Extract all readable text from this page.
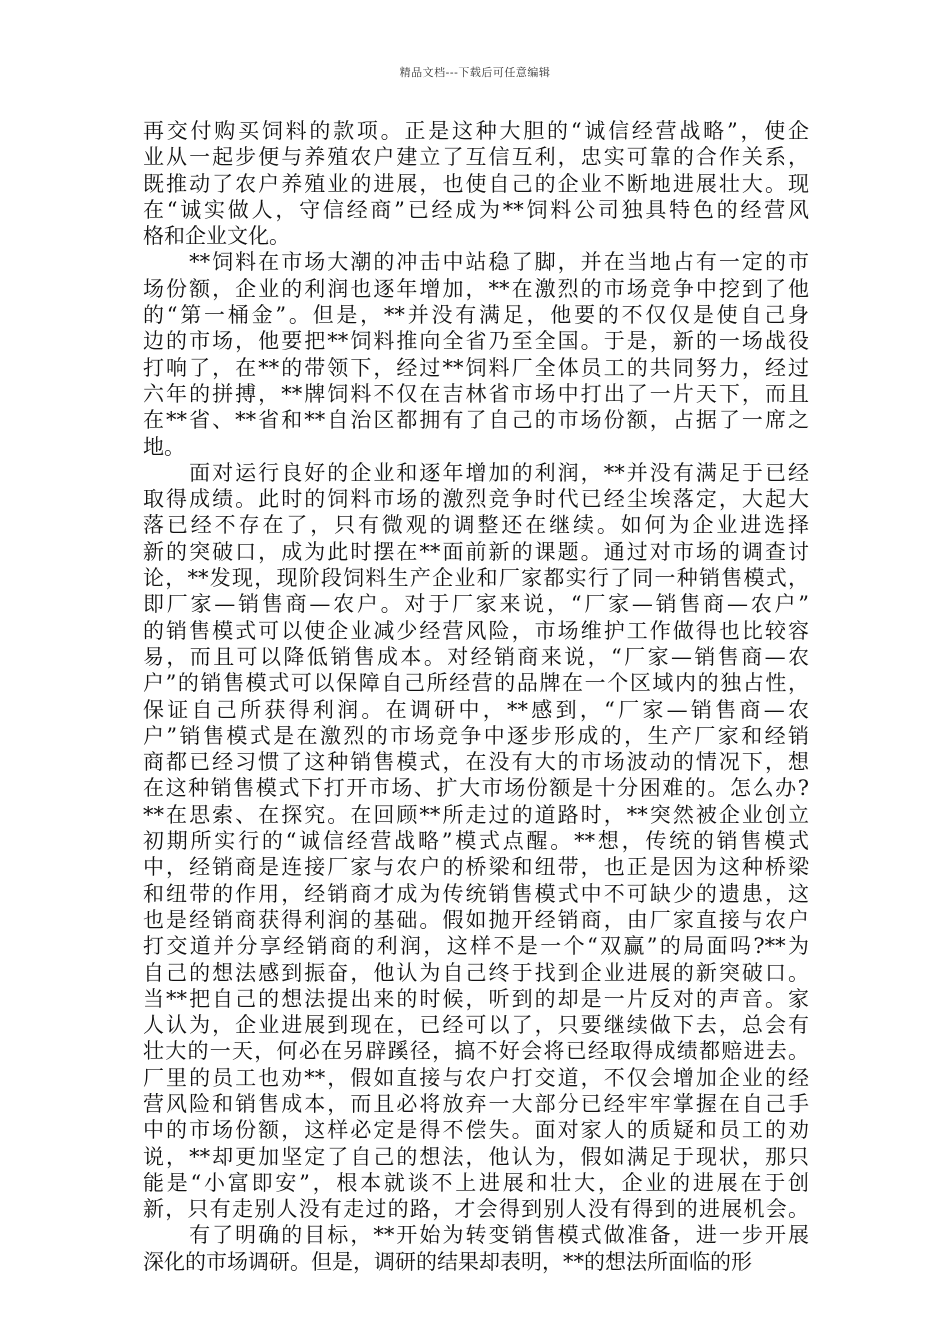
精品文档---下载后可任意编辑
再交付购买饲料的款项。正是这种大胆的“诚信经营战略”，使企
业从一起步便与养殖农户建立了互信互利，忠实可靠的合作关系，
既推动了农户养殖业的进展，也使自己的企业不断地进展壮大。现
在“诚实做人，守信经商”已经成为**饲料公司独具特色的经营风
格和企业文化。
　　**饲料在市场大潮的冲击中站稳了脚，并在当地占有一定的市
场份额，企业的利润也逐年增加，**在激烈的市场竞争中挖到了他
的“第一桶金”。但是，**并没有满足，他要的不仅仅是使自己身
边的市场，他要把**饲料推向全省乃至全国。于是，新的一场战役
打响了，在**的带领下，经过**饲料厂全体员工的共同努力，经过
六年的拼搏，**牌饲料不仅在吉林省市场中打出了一片天下，而且
在**省、**省和**自治区都拥有了自己的市场份额，占据了一席之
地。
　　面对运行良好的企业和逐年增加的利润，**并没有满足于已经
取得成绩。此时的饲料市场的激烈竞争时代已经尘埃落定，大起大
落已经不存在了，只有微观的调整还在继续。如何为企业进选择
新的突破口，成为此时摆在**面前新的课题。通过对市场的调查讨
论，**发现，现阶段饲料生产企业和厂家都实行了同一种销售模式，
即厂家—销售商—农户。对于厂家来说，“厂家—销售商—农户”
的销售模式可以使企业减少经营风险，市场维护工作做得也比较容
易，而且可以降低销售成本。对经销商来说，“厂家—销售商—农
户”的销售模式可以保障自己所经营的品牌在一个区域内的独占性，
保证自己所获得利润。在调研中，**感到，“厂家—销售商—农
户”销售模式是在激烈的市场竞争中逐步形成的，生产厂家和经销
商都已经习惯了这种销售模式，在没有大的市场波动的情况下，想
在这种销售模式下打开市场、扩大市场份额是十分困难的。怎么办?
**在思索、在探究。在回顾**所走过的道路时，**突然被企业创立
初期所实行的“诚信经营战略”模式点醒。**想，传统的销售模式
中，经销商是连接厂家与农户的桥梁和纽带，也正是因为这种桥梁
和纽带的作用，经销商才成为传统销售模式中不可缺少的遗患，这
也是经销商获得利润的基础。假如抛开经销商，由厂家直接与农户
打交道并分享经销商的利润，这样不是一个“双赢”的局面吗?**为
自己的想法感到振奋，他认为自己终于找到企业进展的新突破口。
当**把自己的想法提出来的时候，听到的却是一片反对的声音。家
人认为，企业进展到现在，已经可以了，只要继续做下去，总会有
壮大的一天，何必在另辟蹊径，搞不好会将已经取得成绩都赔进去。
厂里的员工也劝**，假如直接与农户打交道，不仅会增加企业的经
营风险和销售成本，而且必将放弃一大部分已经牢牢掌握在自己手
中的市场份额，这样必定是得不偿失。面对家人的质疑和员工的劝
说，**却更加坚定了自己的想法，他认为，假如满足于现状，那只
能是“小富即安”，根本就谈不上进展和壮大，企业的进展在于创
新，只有走别人没有走过的路，才会得到别人没有得到的进展机会。
　　有了明确的目标，**开始为转变销售模式做准备，进一步开展
深化的市场调研。但是，调研的结果却表明，**的想法所面临的形
